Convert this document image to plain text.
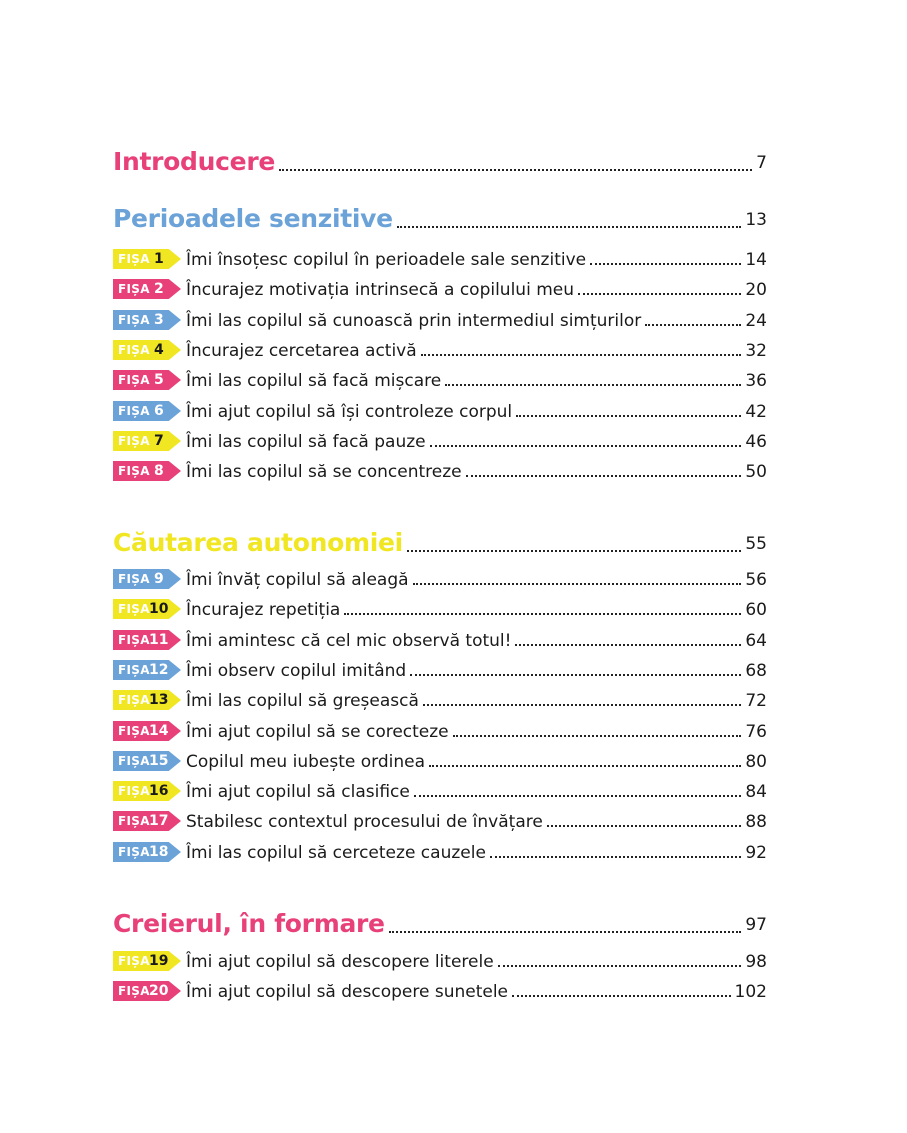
Introducere	7
Perioadele senzitive	13
FIȘA 1 Îmi însoțesc copilul în perioadele sale senzitive	14
FIȘA 2 Încurajez motivația intrinsecă a copilului meu	20
FIȘA 3 Îmi las copilul să cunoască prin intermediul simțurilor	24
FIȘA 4 Încurajez cercetarea activă	32
FIȘA 5 Îmi las copilul să facă mișcare	36
FIȘA 6 Îmi ajut copilul să își controleze corpul	42
FIȘA 7 Îmi las copilul să facă pauze	46
FIȘA 8 Îmi las copilul să se concentreze	50
Căutarea autonomiei	55
FIȘA 9 Îmi învăț copilul să aleagă	56
FIȘA 10 Încurajez repetiția	60
FIȘA 11 Îmi amintesc că cel mic observă totul!	64
FIȘA 12 Îmi observ copilul imitând	68
FIȘA 13 Îmi las copilul să greșească	72
FIȘA 14 Îmi ajut copilul să se corecteze	76
FIȘA 15 Copilul meu iubește ordinea	80
FIȘA 16 Îmi ajut copilul să clasifice	84
FIȘA 17 Stabilesc contextul procesului de învățare	88
FIȘA 18 Îmi las copilul să cerceteze cauzele	92
Creierul, în formare	97
FIȘA 19 Îmi ajut copilul să descopere literele	98
FIȘA 20 Îmi ajut copilul să descopere sunetele	102
